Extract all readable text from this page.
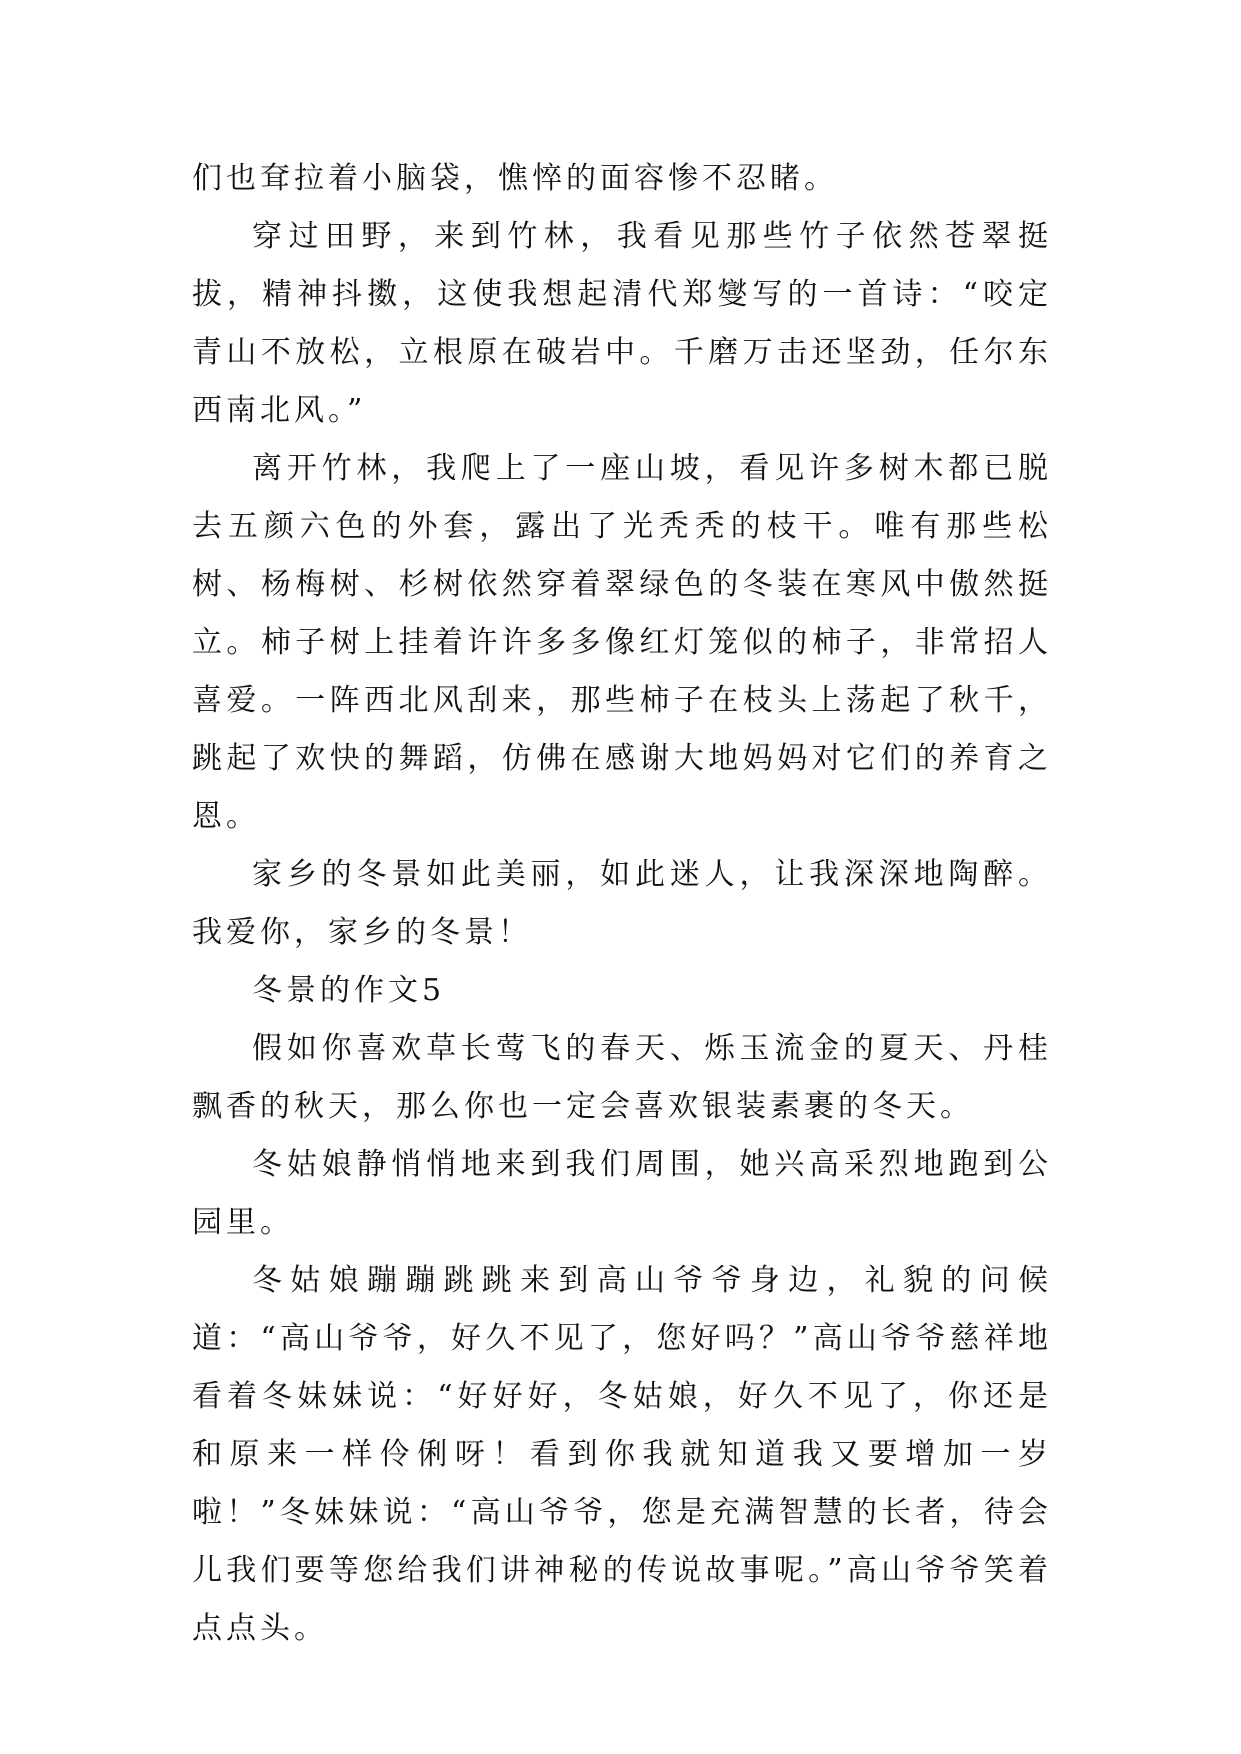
们也耷拉着小脑袋，憔悴的面容惨不忍睹。

穿过田野，来到竹林，我看见那些竹子依然苍翠挺拔，精神抖擞，这使我想起清代郑燮写的一首诗：“咬定青山不放松，立根原在破岩中。千磨万击还坚劲，任尔东西南北风。”

离开竹林，我爬上了一座山坡，看见许多树木都已脱去五颜六色的外套，露出了光秃秃的枝干。唯有那些松树、杨梅树、杉树依然穿着翠绿色的冬装在寒风中傲然挺立。柿子树上挂着许许多多像红灯笼似的柿子，非常招人喜爱。一阵西北风刮来，那些柿子在枝头上荡起了秋千，跳起了欢快的舞蹈，仿佛在感谢大地妈妈对它们的养育之恩。

家乡的冬景如此美丽，如此迷人，让我深深地陶醉。我爱你，家乡的冬景！

冬景的作文5

假如你喜欢草长莺飞的春天、烁玉流金的夏天、丹桂飘香的秋天，那么你也一定会喜欢银装素裹的冬天。

冬姑娘静悄悄地来到我们周围，她兴高采烈地跑到公园里。

冬姑娘蹦蹦跳跳来到高山爷爷身边，礼貌的问候道：“高山爷爷，好久不见了，您好吗？”高山爷爷慈祥地看着冬妹妹说：“好好好，冬姑娘，好久不见了，你还是和原来一样伶俐呀！看到你我就知道我又要增加一岁啦！”冬妹妹说：“高山爷爷，您是充满智慧的长者，待会儿我们要等您给我们讲神秘的传说故事呢。”高山爷爷笑着点点头。
